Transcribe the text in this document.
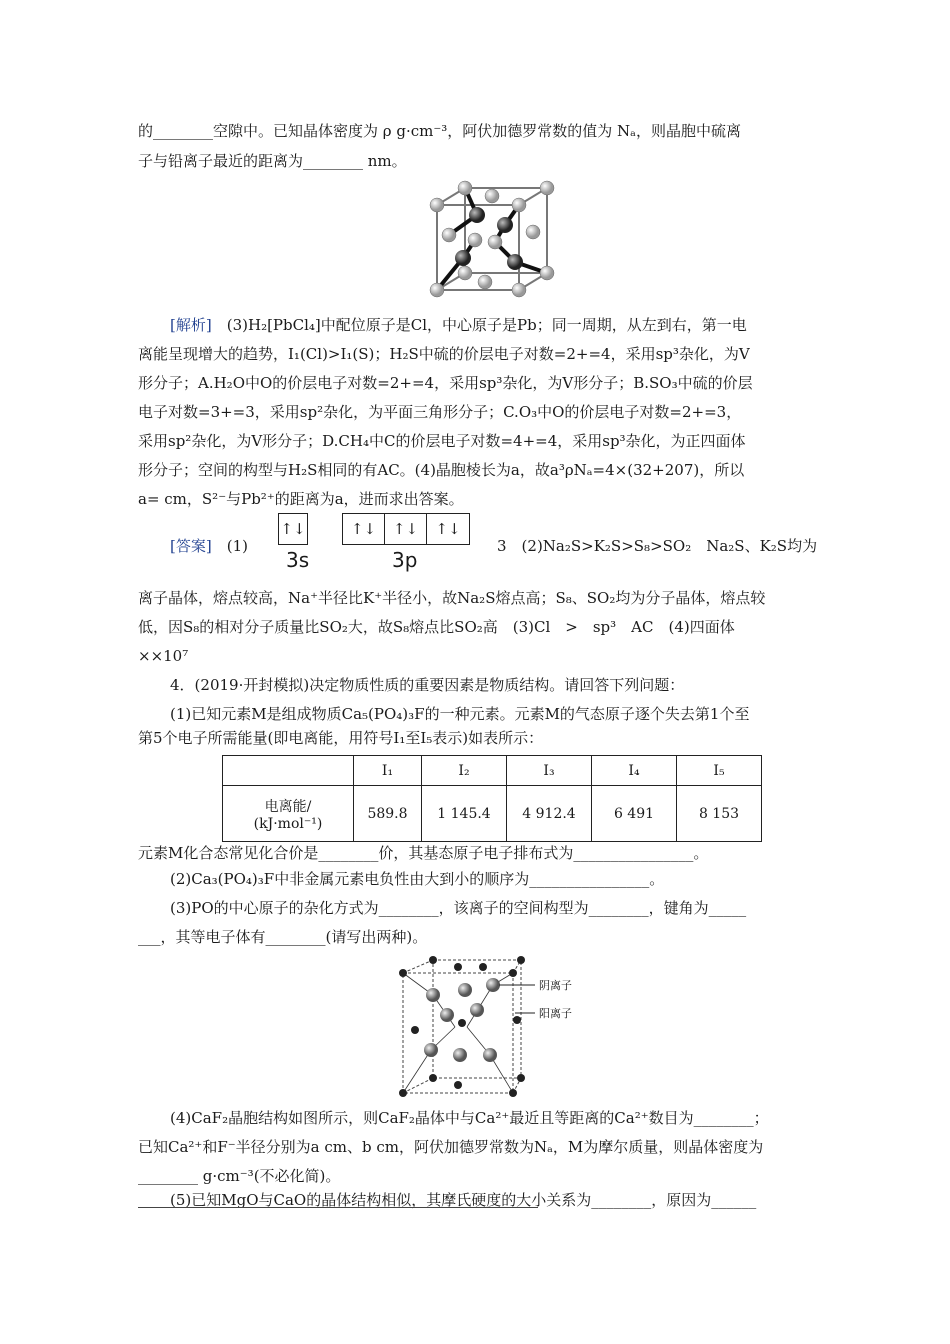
的________空隙中。已知晶体密度为 ρ g·cm⁻³，阿伏加德罗常数的值为 Nₐ，则晶胞中硫离
子与铅离子最近的距离为________ nm。
[解析]　 (3)H₂[PbCl₄]中配位原子是Cl，中心原子是Pb；同一周期，从左到右，第一电
离能呈现增大的趋势，I₁(Cl)>I₁(S)；H₂S中硫的价层电子对数=2+=4，采用sp³杂化，为V
形分子；A.H₂O中O的价层电子对数=2+=4，采用sp³杂化，为V形分子；B.SO₃中硫的价层
电子对数=3+=3，采用sp²杂化，为平面三角形分子；C.O₃中O的价层电子对数=2+=3，
采用sp²杂化，为V形分子；D.CH₄中C的价层电子对数=4+=4，采用sp³杂化，为正四面体
形分子；空间的构型与H₂S相同的有AC。(4)晶胞棱长为a，故a³ρNₐ=4×(32+207)，所以
a= cm，S²⁻与Pb²⁺的距离为a，进而求出答案。
[答案]　 (1)
↑↓
3s
↑↓ ↑↓ ↑↓
3p
3　(2)Na₂S>K₂S>S₈>SO₂　Na₂S、K₂S均为
离子晶体，熔点较高，Na⁺半径比K⁺半径小，故Na₂S熔点高；S₈、SO₂均为分子晶体，熔点较
低，因S₈的相对分子质量比SO₂大，故S₈熔点比SO₂高　(3)Cl　>　sp³　AC　(4)四面体
××10⁷
4．(2019·开封模拟)决定物质性质的重要因素是物质结构。请回答下列问题：
(1)已知元素M是组成物质Ca₅(PO₄)₃F的一种元素。元素M的气态原子逐个失去第1个至
第5个电子所需能量(即电离能，用符号I₁至I₅表示)如表所示：
	I₁	I₂	I₃	I₄	I₅

电离能/
(kJ·mol⁻¹)	589.8	1 145.4	4 912.4	6 491	8 153
元素M化合态常见化合价是________价，其基态原子电子排布式为________________。
(2)Ca₃(PO₄)₃F中非金属元素电负性由大到小的顺序为________________。
(3)PO的中心原子的杂化方式为________，该离子的空间构型为________，键角为_____
___，其等电子体有________(请写出两种)。
阴离子
阳离子
(4)CaF₂晶胞结构如图所示，则CaF₂晶体中与Ca²⁺最近且等距离的Ca²⁺数目为________；
已知Ca²⁺和F⁻半径分别为a cm、b cm，阿伏加德罗常数为Nₐ，M为摩尔质量，则晶体密度为
________ g·cm⁻³(不必化简)。
(5)已知MgO与CaO的晶体结构相似，其摩氏硬度的大小关系为________，原因为______
